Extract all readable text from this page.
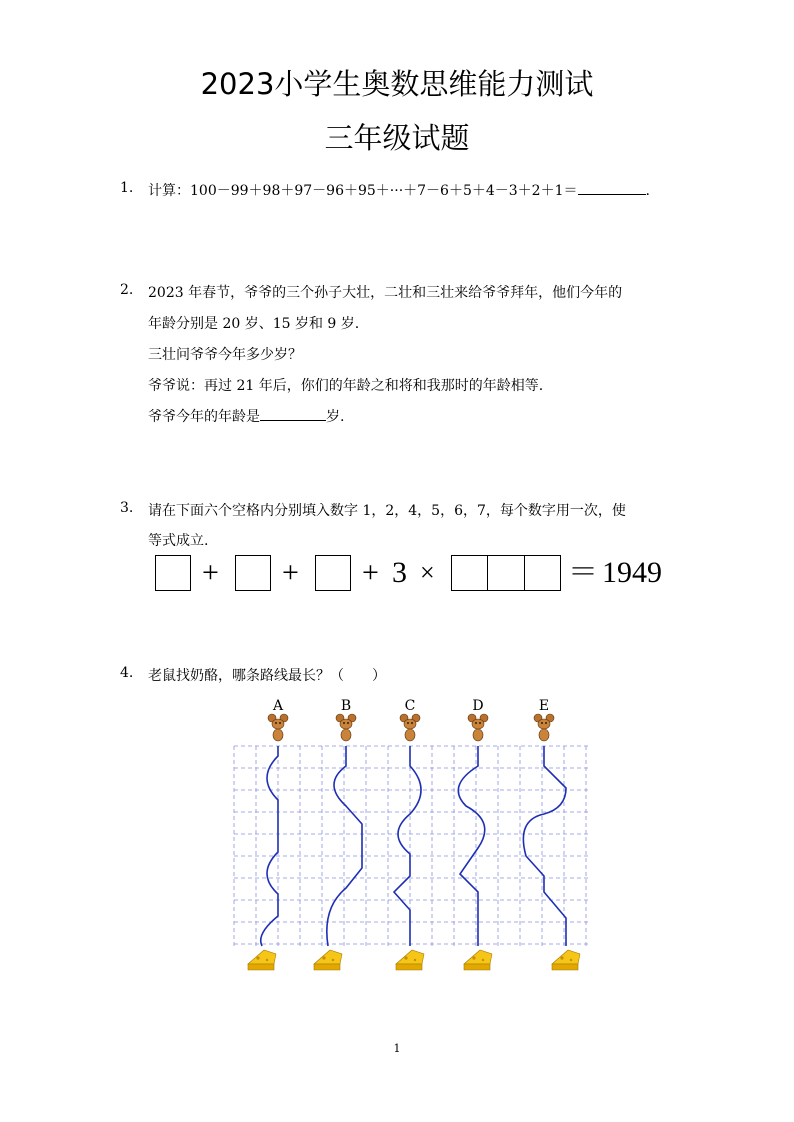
2023小学生奥数思维能力测试
三年级试题
1. 计算：100－99＋98＋97－96＋95＋···＋7－6＋5＋4－3＋2＋1＝	.
2. 2023 年春节，爷爷的三个孙子大壮，二壮和三壮来给爷爷拜年，他们今年的
年龄分别是 20 岁、15 岁和 9 岁.
三壮问爷爷今年多少岁？
爷爷说：再过 21 年后，你们的年龄之和将和我那时的年龄相等.
爷爷今年的年龄是	岁.
3. 请在下面六个空格内分别填入数字 1，2，4，5，6，7，每个数字用一次，使
等式成立.
+ + + 3 ×	＝ 1949
4. 老鼠找奶酪，哪条路线最长？（　　）
A	B	C	D	E
1
